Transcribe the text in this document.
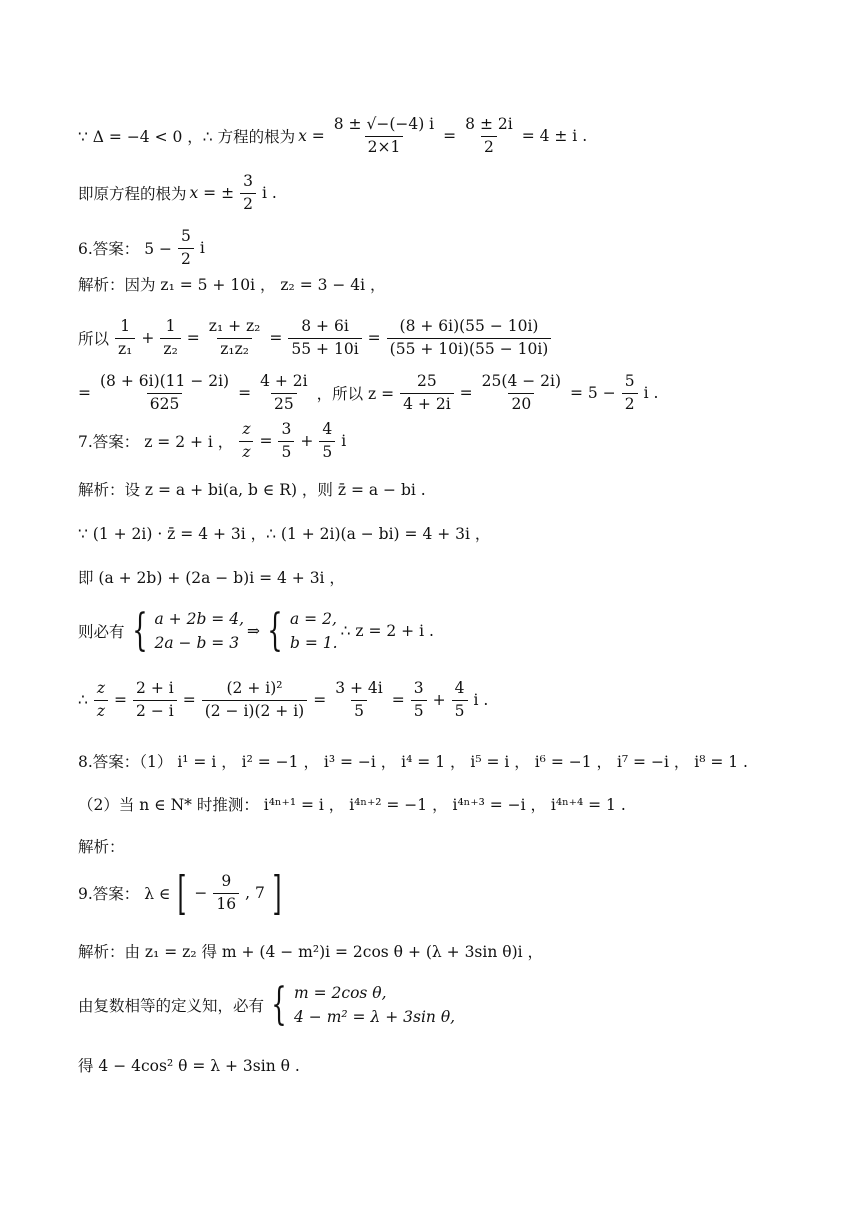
∵ Δ = −4 < 0 ，∴ 方程的根为 $x = \frac{8 \pm √-(-4) i}{2\times 1} = \frac{8 \pm 2i}{2} = 4 \pm i$ .
即原方程的根为 x = ± $\frac{3}{2}$ i .
6.答案： $5 - \frac{5}{2}$ i
解析：因为 z₁ = 5 + 10i ， z₂ = 3 − 4i ，
所以 $\frac{1}{\text{z₁}} + \frac{1}{\text{z₂}} = \frac{\text{z₁ + z₂}}{\text{z₁z₂}} = \frac{8 + 6i}{55 + 10i} = \frac{(8 + 6i)(55 - 10i)}{(55 + 10i)(55 - 10i)}$
= $\frac{(8 + 6i)(11 - 2i)}{625} = \frac{4 + 2i}{25}$ ，所以 $z = \frac{25}{4 + 2i} = \frac{25(4 - 2i)}{20} = 5 - \frac{5}{2}$ i .
7.答案： z = 2 + i ， $\frac{z}{z} = \frac{3}{5} + \frac{4}{5}$ i
解析：设 z = a + bi(a, b ∈ R) ，则 z̄ = a − bi .
∵ (1 + 2i) · z̄ = 4 + 3i ，∴ (1 + 2i)(a − bi) = 4 + 3i ，
即 (a + 2b) + (2a − b)i = 4 + 3i ，
则必有 { a + 2b = 4,
2a − b = 3
⇒ { a = 2,
b = 1.
∴ z = 2 + i .
∴ $\frac{z}{z} = \frac{2 + i}{2 - i} = \frac{\text{(2 + i)²}}{(2 - i)(2 + i)} = \frac{3 + 4i}{5} = \frac{3}{5} + \frac{4}{5}$ i .
8.答案：（1） i¹ = i ， i² = −1 ， i³ = −i ， i⁴ = 1 ， i⁵ = i ， i⁶ = −1 ， i⁷ = −i ， i⁸ = 1 .
（2）当 n ∈ N* 时推测： i⁴ⁿ⁺¹ = i ， i⁴ⁿ⁺² = −1 ， i⁴ⁿ⁺³ = −i ， i⁴ⁿ⁺⁴ = 1 .
解析：
9.答案： λ ∈ [ − $\frac{9}{16}$ , 7 ]
解析：由 z₁ = z₂ 得 m + (4 − m²)i = 2cos θ + (λ + 3sin θ)i ，
由复数相等的定义知，必有 { m = 2cos θ,
4 − m² = λ + 3sin θ,
得 4 − 4cos² θ = λ + 3sin θ .
